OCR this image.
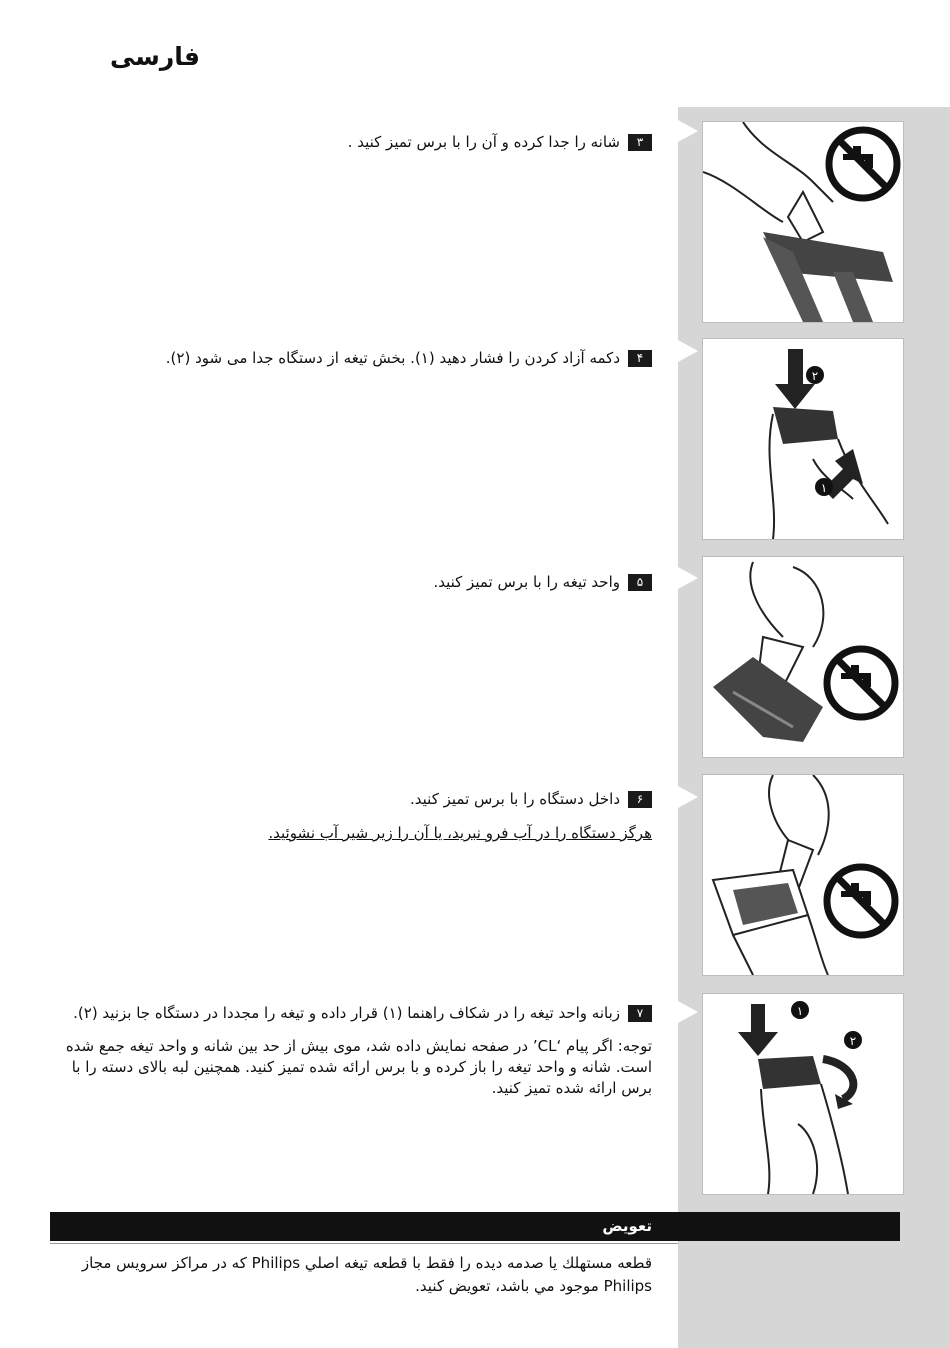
فارسی
۳شانه را جدا کرده و آن را با برس تمیز کنید .
۲
۱
۴دکمه آزاد کردن را فشار دهید (۱). بخش تیغه از دستگاه جدا می شود (۲).
۵واحد تیغه را با برس تمیز کنید.
۶داخل دستگاه را با برس تمیز کنید.
هرگز دستگاه را در آب فرو نبرید، یا آن را زیر شیر آب نشوئید.
۱
۲
۷زبانه واحد تیغه را در شکاف راهنما (۱) قرار داده و تیغه را مجددا در دستگاه جا بزنید (۲).
توجه: اگر پیام ‘CL’ در صفحه نمایش داده شد، موی بیش از حد بین شانه و واحد تیغه جمع شده است. شانه و واحد تیغه را باز کرده و با برس ارائه شده تمیز کنید. همچنین لبه بالای دسته را با برس ارائه شده تمیز کنید.
تعویض
قطعه مستهلك يا صدمه ديده را فقط با قطعه تیغه اصلي Philips كه در مراكز سرويس مجاز Philips موجود مي باشد، تعويض كنيد.
